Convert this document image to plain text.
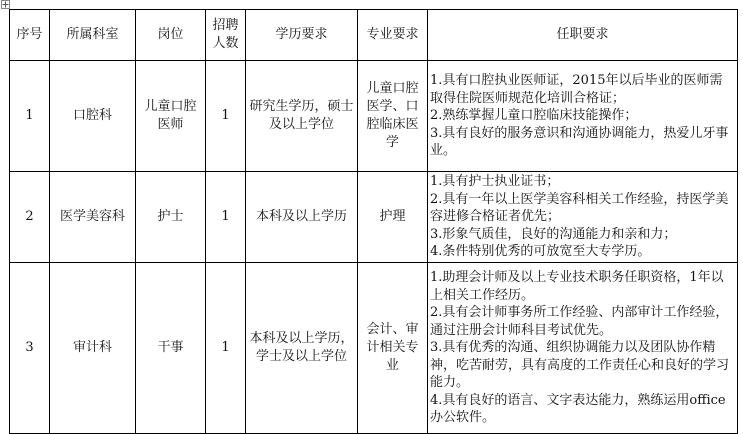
序号	所属科室	岗位	招聘人数	学历要求	专业要求	任职要求
1	口腔科	儿童口腔医师	1	研究生学历，硕士及以上学位	儿童口腔医学、口腔临床医学	1.具有口腔执业医师证，2015年以后毕业的医师需取得住院医师规范化培训合格证；
2.熟练掌握儿童口腔临床技能操作；
3.具有良好的服务意识和沟通协调能力，热爱儿牙事业。

2	医学美容科	护士	1	本科及以上学历	护理	1.具有护士执业证书；
2.具有一年以上医学美容科相关工作经验，持医学美容进修合格证者优先；
3.形象气质佳，良好的沟通能力和亲和力；
4.条件特别优秀的可放宽至大专学历。

3	审计科	干事	1	本科及以上学历，学士及以上学位	会计、审计相关专业	1.助理会计师及以上专业技术职务任职资格，1年以上相关工作经历。
2.具有会计师事务所工作经验、内部审计工作经验，通过注册会计师科目考试优先。
3.具有优秀的沟通、组织协调能力以及团队协作精神，吃苦耐劳，具有高度的工作责任心和良好的学习能力。
4.具有良好的语言、文字表达能力，熟练运用office办公软件。
